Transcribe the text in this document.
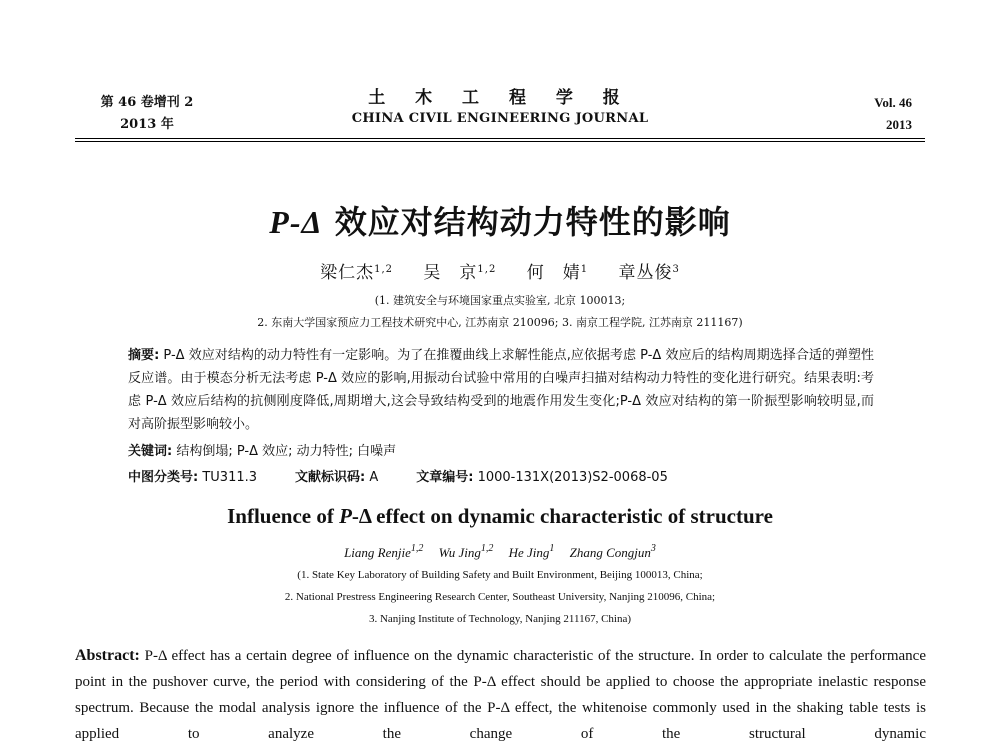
第 46 卷增刊 2
2013 年
土 木 工 程 学 报
CHINA CIVIL ENGINEERING JOURNAL
Vol. 46
2013
P-Δ 效应对结构动力特性的影响
梁仁杰$^{1,2}$ 吴　京$^{1,2}$ 何　婧$^1$ 章丛俊$^3$
(1. 建筑安全与环境国家重点实验室, 北京 100013;
2. 东南大学国家预应力工程技术研究中心, 江苏南京 210096; 3. 南京工程学院, 江苏南京 211167)
摘要: P-Δ 效应对结构的动力特性有一定影响。为了在推覆曲线上求解性能点,应依据考虑 P-Δ 效应后的结构周期选择合适的弹塑性反应谱。由于模态分析无法考虑 P-Δ 效应的影响,用振动台试验中常用的白噪声扫描对结构动力特性的变化进行研究。结果表明:考虑 P-Δ 效应后结构的抗侧刚度降低,周期增大,这会导致结构受到的地震作用发生变化;P-Δ 效应对结构的第一阶振型影响较明显,而对高阶振型影响较小。
关键词: 结构倒塌; P-Δ 效应; 动力特性; 白噪声
中图分类号: TU311.3	文献标识码: A	文章编号: 1000-131X(2013)S2-0068-05
Influence of P-Δ effect on dynamic characteristic of structure
Liang Renjie$^{1,2}$ Wu Jing$^{1,2}$ He Jing$^1$ Zhang Congjun$^3$
(1. State Key Laboratory of Building Safety and Built Environment, Beijing 100013, China;
2. National Prestress Engineering Research Center, Southeast University, Nanjing 210096, China;
3. Nanjing Institute of Technology, Nanjing 211167, China)
Abstract: P-Δ effect has a certain degree of influence on the dynamic characteristic of the structure. In order to calculate the performance point in the pushover curve, the period with considering of the P-Δ effect should be applied to choose the appropriate inelastic response spectrum. Because the modal analysis ignore the influence of the P-Δ effect, the whitenoise commonly used in the shaking table tests is applied to analyze the change of the structural dynamic
